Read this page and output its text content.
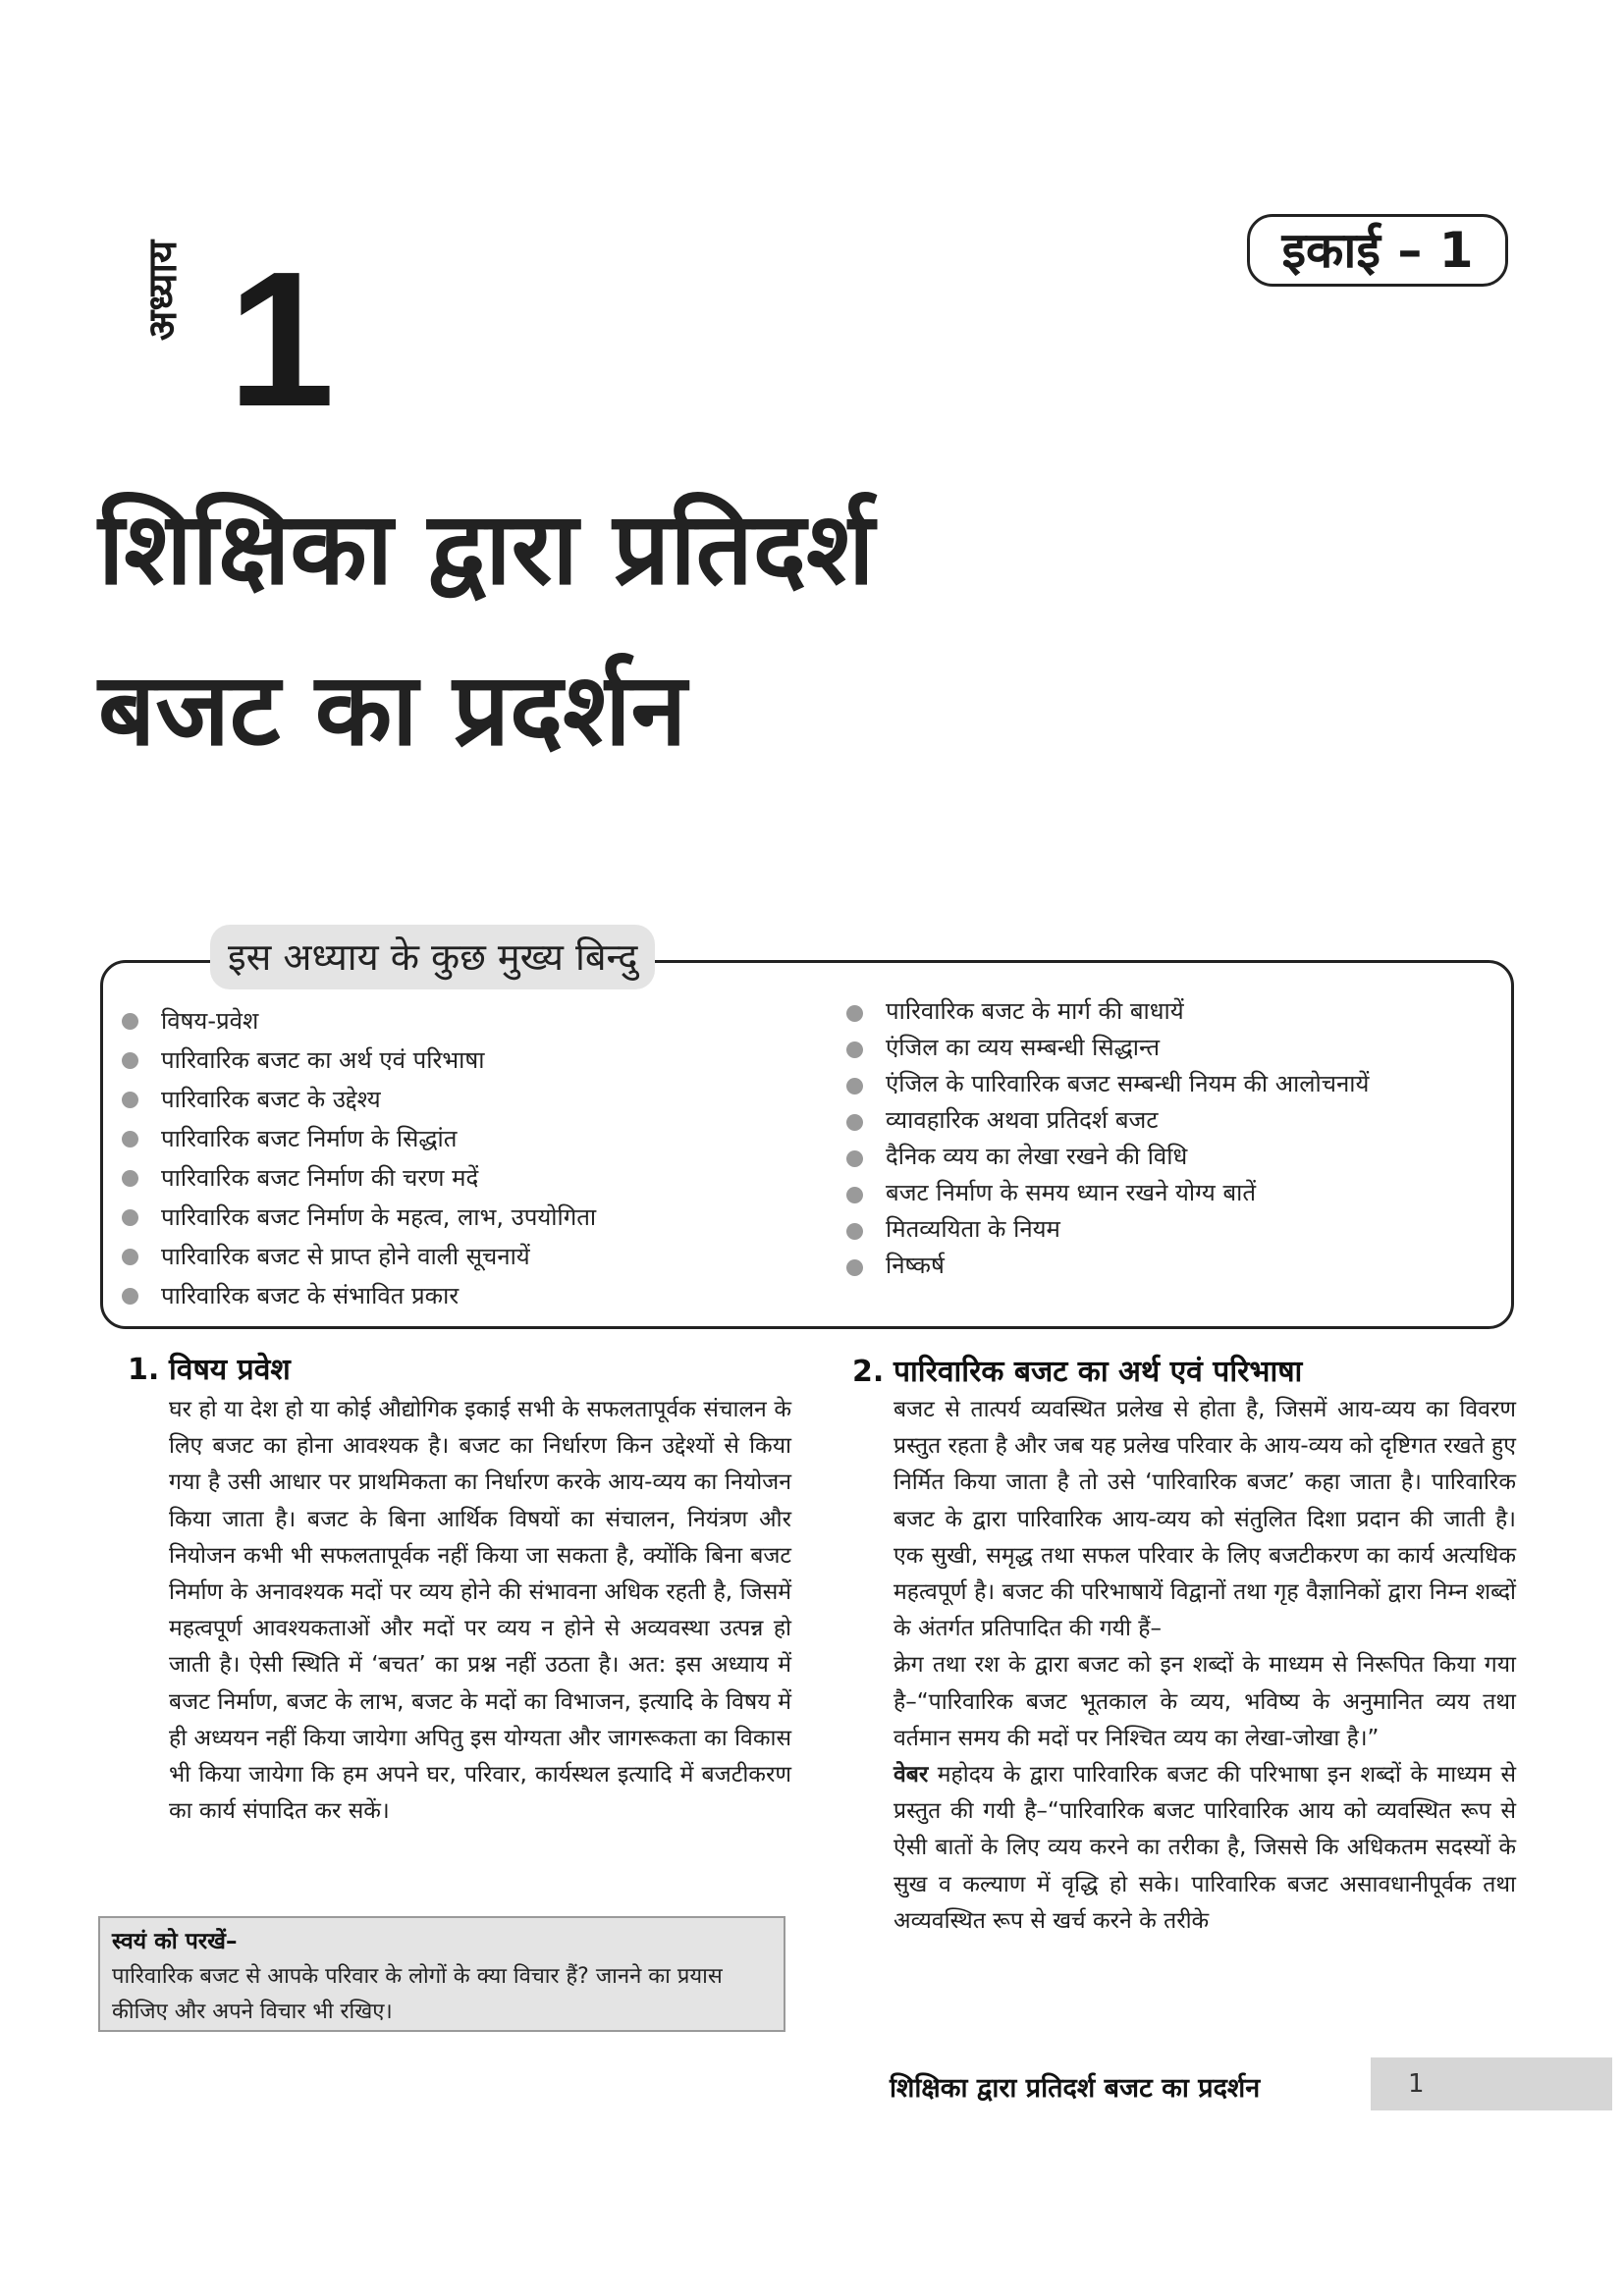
इकाई – 1
अध्याय 1
शिक्षिका द्वारा प्रतिदर्श
बजट का प्रदर्शन
इस अध्याय के कुछ मुख्य बिन्दु
विषय-प्रवेश
पारिवारिक बजट का अर्थ एवं परिभाषा
पारिवारिक बजट के उद्देश्य
पारिवारिक बजट निर्माण के सिद्धांत
पारिवारिक बजट निर्माण की चरण मदें
पारिवारिक बजट निर्माण के महत्व, लाभ, उपयोगिता
पारिवारिक बजट से प्राप्त होने वाली सूचनायें
पारिवारिक बजट के संभावित प्रकार
पारिवारिक बजट के मार्ग की बाधायें
एंजिल का व्यय सम्बन्धी सिद्धान्त
एंजिल के पारिवारिक बजट सम्बन्धी नियम की आलोचनायें
व्यावहारिक अथवा प्रतिदर्श बजट
दैनिक व्यय का लेखा रखने की विधि
बजट निर्माण के समय ध्यान रखने योग्य बातें
मितव्ययिता के नियम
निष्कर्ष
1. विषय प्रवेश

घर हो या देश हो या कोई औद्योगिक इकाई सभी के सफलतापूर्वक संचालन के लिए बजट का होना आवश्यक है। बजट का निर्धारण किन उद्देश्यों से किया गया है उसी आधार पर प्राथमिकता का निर्धारण करके आय-व्यय का नियोजन किया जाता है। बजट के बिना आर्थिक विषयों का संचालन, नियंत्रण और नियोजन कभी भी सफलतापूर्वक नहीं किया जा सकता है, क्योंकि बिना बजट निर्माण के अनावश्यक मदों पर व्यय होने की संभावना अधिक रहती है, जिसमें महत्वपूर्ण आवश्यकताओं और मदों पर व्यय न होने से अव्यवस्था उत्पन्न हो जाती है। ऐसी स्थिति में ‘बचत’ का प्रश्न नहीं उठता है। अत: इस अध्याय में बजट निर्माण, बजट के लाभ, बजट के मदों का विभाजन, इत्यादि के विषय में ही अध्ययन नहीं किया जायेगा अपितु इस योग्यता और जागरूकता का विकास भी किया जायेगा कि हम अपने घर, परिवार, कार्यस्थल इत्यादि में बजटीकरण का कार्य संपादित कर सकें।

स्वयं को परखें–
पारिवारिक बजट से आपके परिवार के लोगों के क्या विचार हैं? जानने का प्रयास कीजिए और अपने विचार भी रखिए।
2. पारिवारिक बजट का अर्थ एवं परिभाषा

बजट से तात्पर्य व्यवस्थित प्रलेख से होता है, जिसमें आय-व्यय का विवरण प्रस्तुत रहता है और जब यह प्रलेख परिवार के आय-व्यय को दृष्टिगत रखते हुए निर्मित किया जाता है तो उसे ‘पारिवारिक बजट’ कहा जाता है। पारिवारिक बजट के द्वारा पारिवारिक आय-व्यय को संतुलित दिशा प्रदान की जाती है। एक सुखी, समृद्ध तथा सफल परिवार के लिए बजटीकरण का कार्य अत्यधिक महत्वपूर्ण है। बजट की परिभाषायें विद्वानों तथा गृह वैज्ञानिकों द्वारा निम्न शब्दों के अंतर्गत प्रतिपादित की गयी हैं–

क्रेग तथा रश के द्वारा बजट को इन शब्दों के माध्यम से निरूपित किया गया है–“पारिवारिक बजट भूतकाल के व्यय, भविष्य के अनुमानित व्यय तथा वर्तमान समय की मदों पर निश्चित व्यय का लेखा-जोखा है।”

वेबर महोदय के द्वारा पारिवारिक बजट की परिभाषा इन शब्दों के माध्यम से प्रस्तुत की गयी है–“पारिवारिक बजट पारिवारिक आय को व्यवस्थित रूप से ऐसी बातों के लिए व्यय करने का तरीका है, जिससे कि अधिकतम सदस्यों के सुख व कल्याण में वृद्धि हो सके। पारिवारिक बजट असावधानीपूर्वक तथा अव्यवस्थित रूप से खर्च करने के तरीके

शिक्षिका द्वारा प्रतिदर्श बजट का प्रदर्शन	1
